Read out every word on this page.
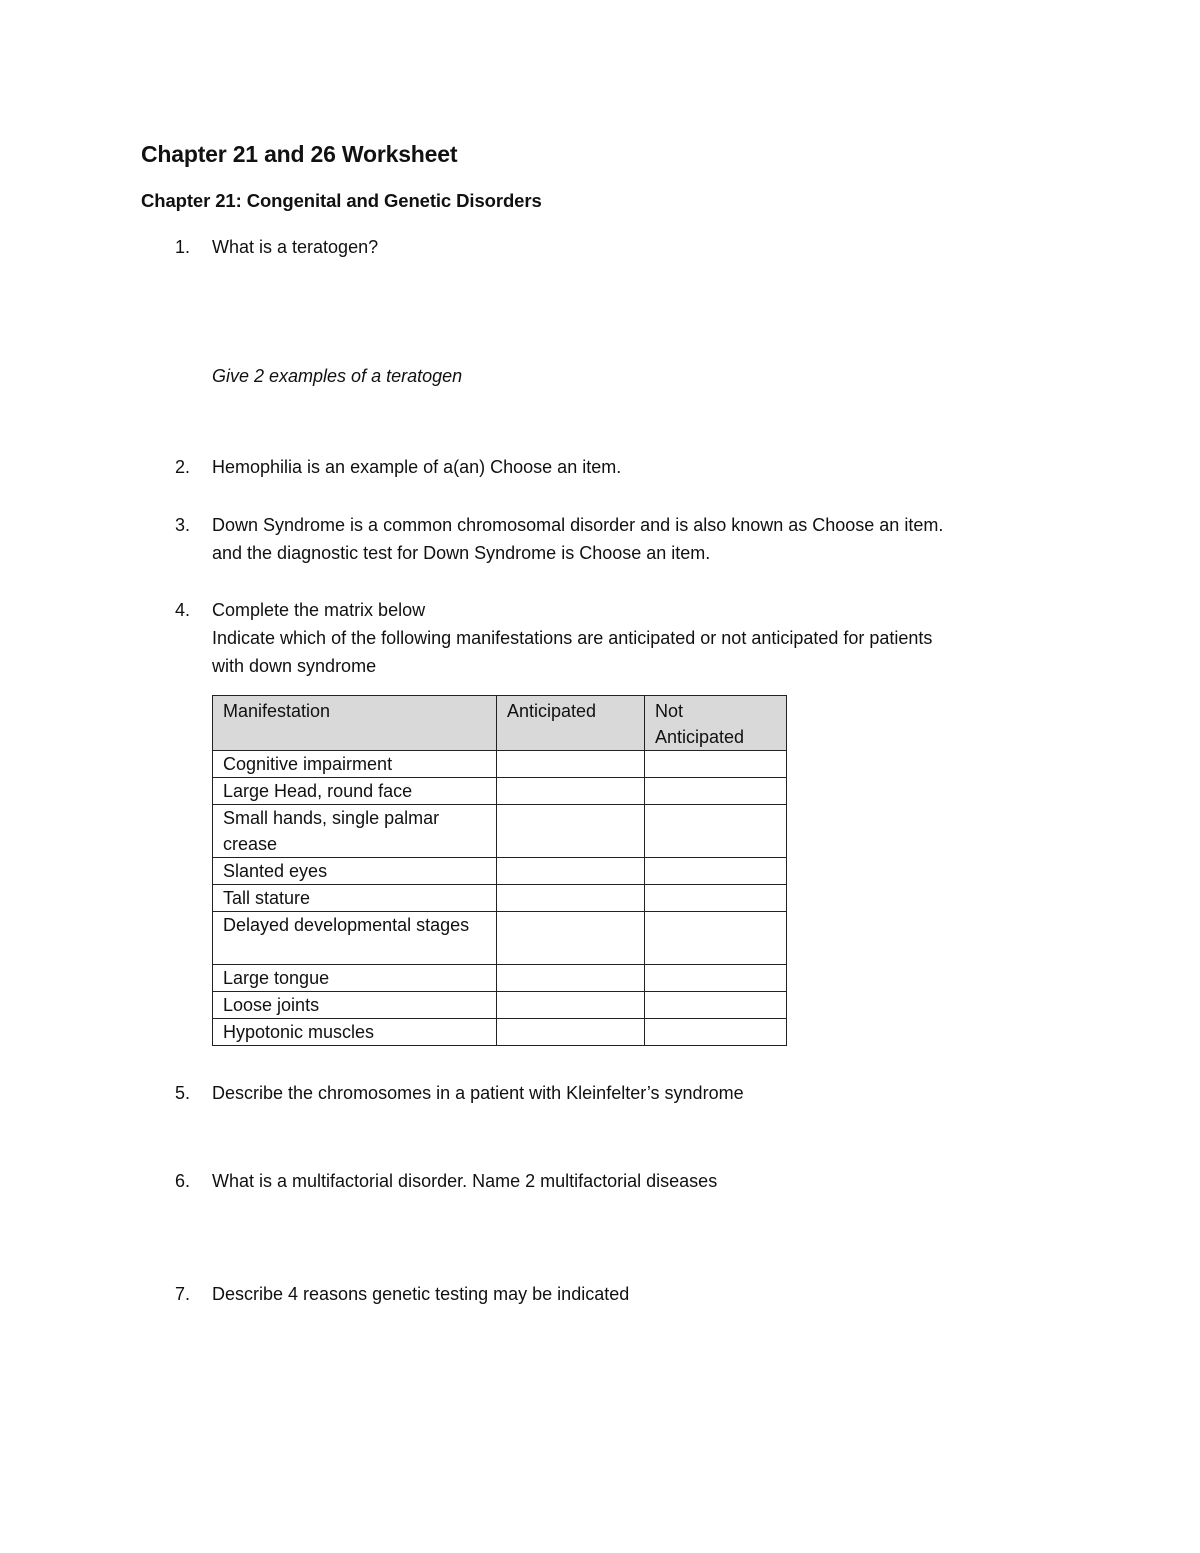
Chapter 21 and 26 Worksheet
Chapter 21: Congenital and Genetic Disorders
1. What is a teratogen?
Give 2 examples of a teratogen
2. Hemophilia is an example of a(an) Choose an item.
3. Down Syndrome is a common chromosomal disorder and is also known as Choose an item.
and the diagnostic test for Down Syndrome is Choose an item.
4. Complete the matrix below
Indicate which of the following manifestations are anticipated or not anticipated for patients
with down syndrome
Manifestation	Anticipated	Not Anticipated
Cognitive impairment		
Large Head, round face		
Small hands, single palmar crease		
Slanted eyes		
Tall stature		
Delayed developmental stages		
Large tongue		
Loose joints		
Hypotonic muscles		
5. Describe the chromosomes in a patient with Kleinfelter’s syndrome
6. What is a multifactorial disorder. Name 2 multifactorial diseases
7. Describe 4 reasons genetic testing may be indicated
